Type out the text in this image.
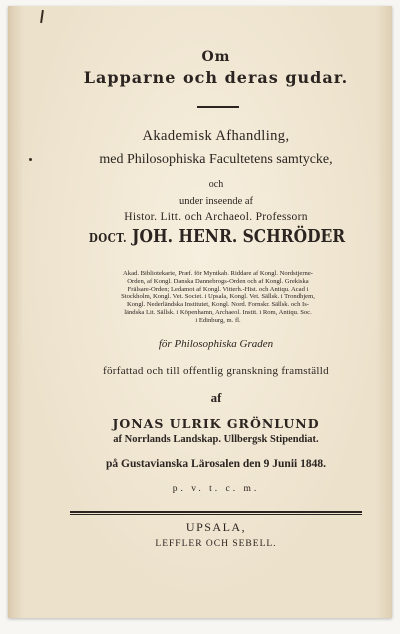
Om
Lapparne och deras gudar.
Akademisk Afhandling,
med Philosophiska Facultetens samtycke,
och
under inseende af
Histor. Litt. och Archaeol. Professorn
DOCT. JOH. HENR. SCHRÖDER
Akad. Bibliotekarie, Præf. för Myntkab. Riddare af Kongl. Nordstjerne-
Orden, af Kongl. Danska Dannebrogs-Orden och af Kongl. Grekiska
Frälsare-Orden; Ledamot af Kongl. Vitterh.-Hist. och Antiqu. Acad i
Stockholm, Kongl. Vet. Societ. i Upsala, Kongl. Vet. Sällsk. i Trondhjem,
Kongl. Nederländska Institutet, Kongl. Nord. Fornskr. Sällsk. och Is-
ländska Lit. Sällsk. i Köpenhamn, Archaeol. Instit. i Rom, Antiqu. Soc.
i Edinburg, m. fl.
för Philosophiska Graden
författad och till offentlig granskning framställd
af
JONAS ULRIK GRÖNLUND
af Norrlands Landskap. Ullbergsk Stipendiat.
på Gustavianska Lärosalen den 9 Junii 1848.
p. v. t. c. m.
UPSALA,
LEFFLER OCH SEBELL.
